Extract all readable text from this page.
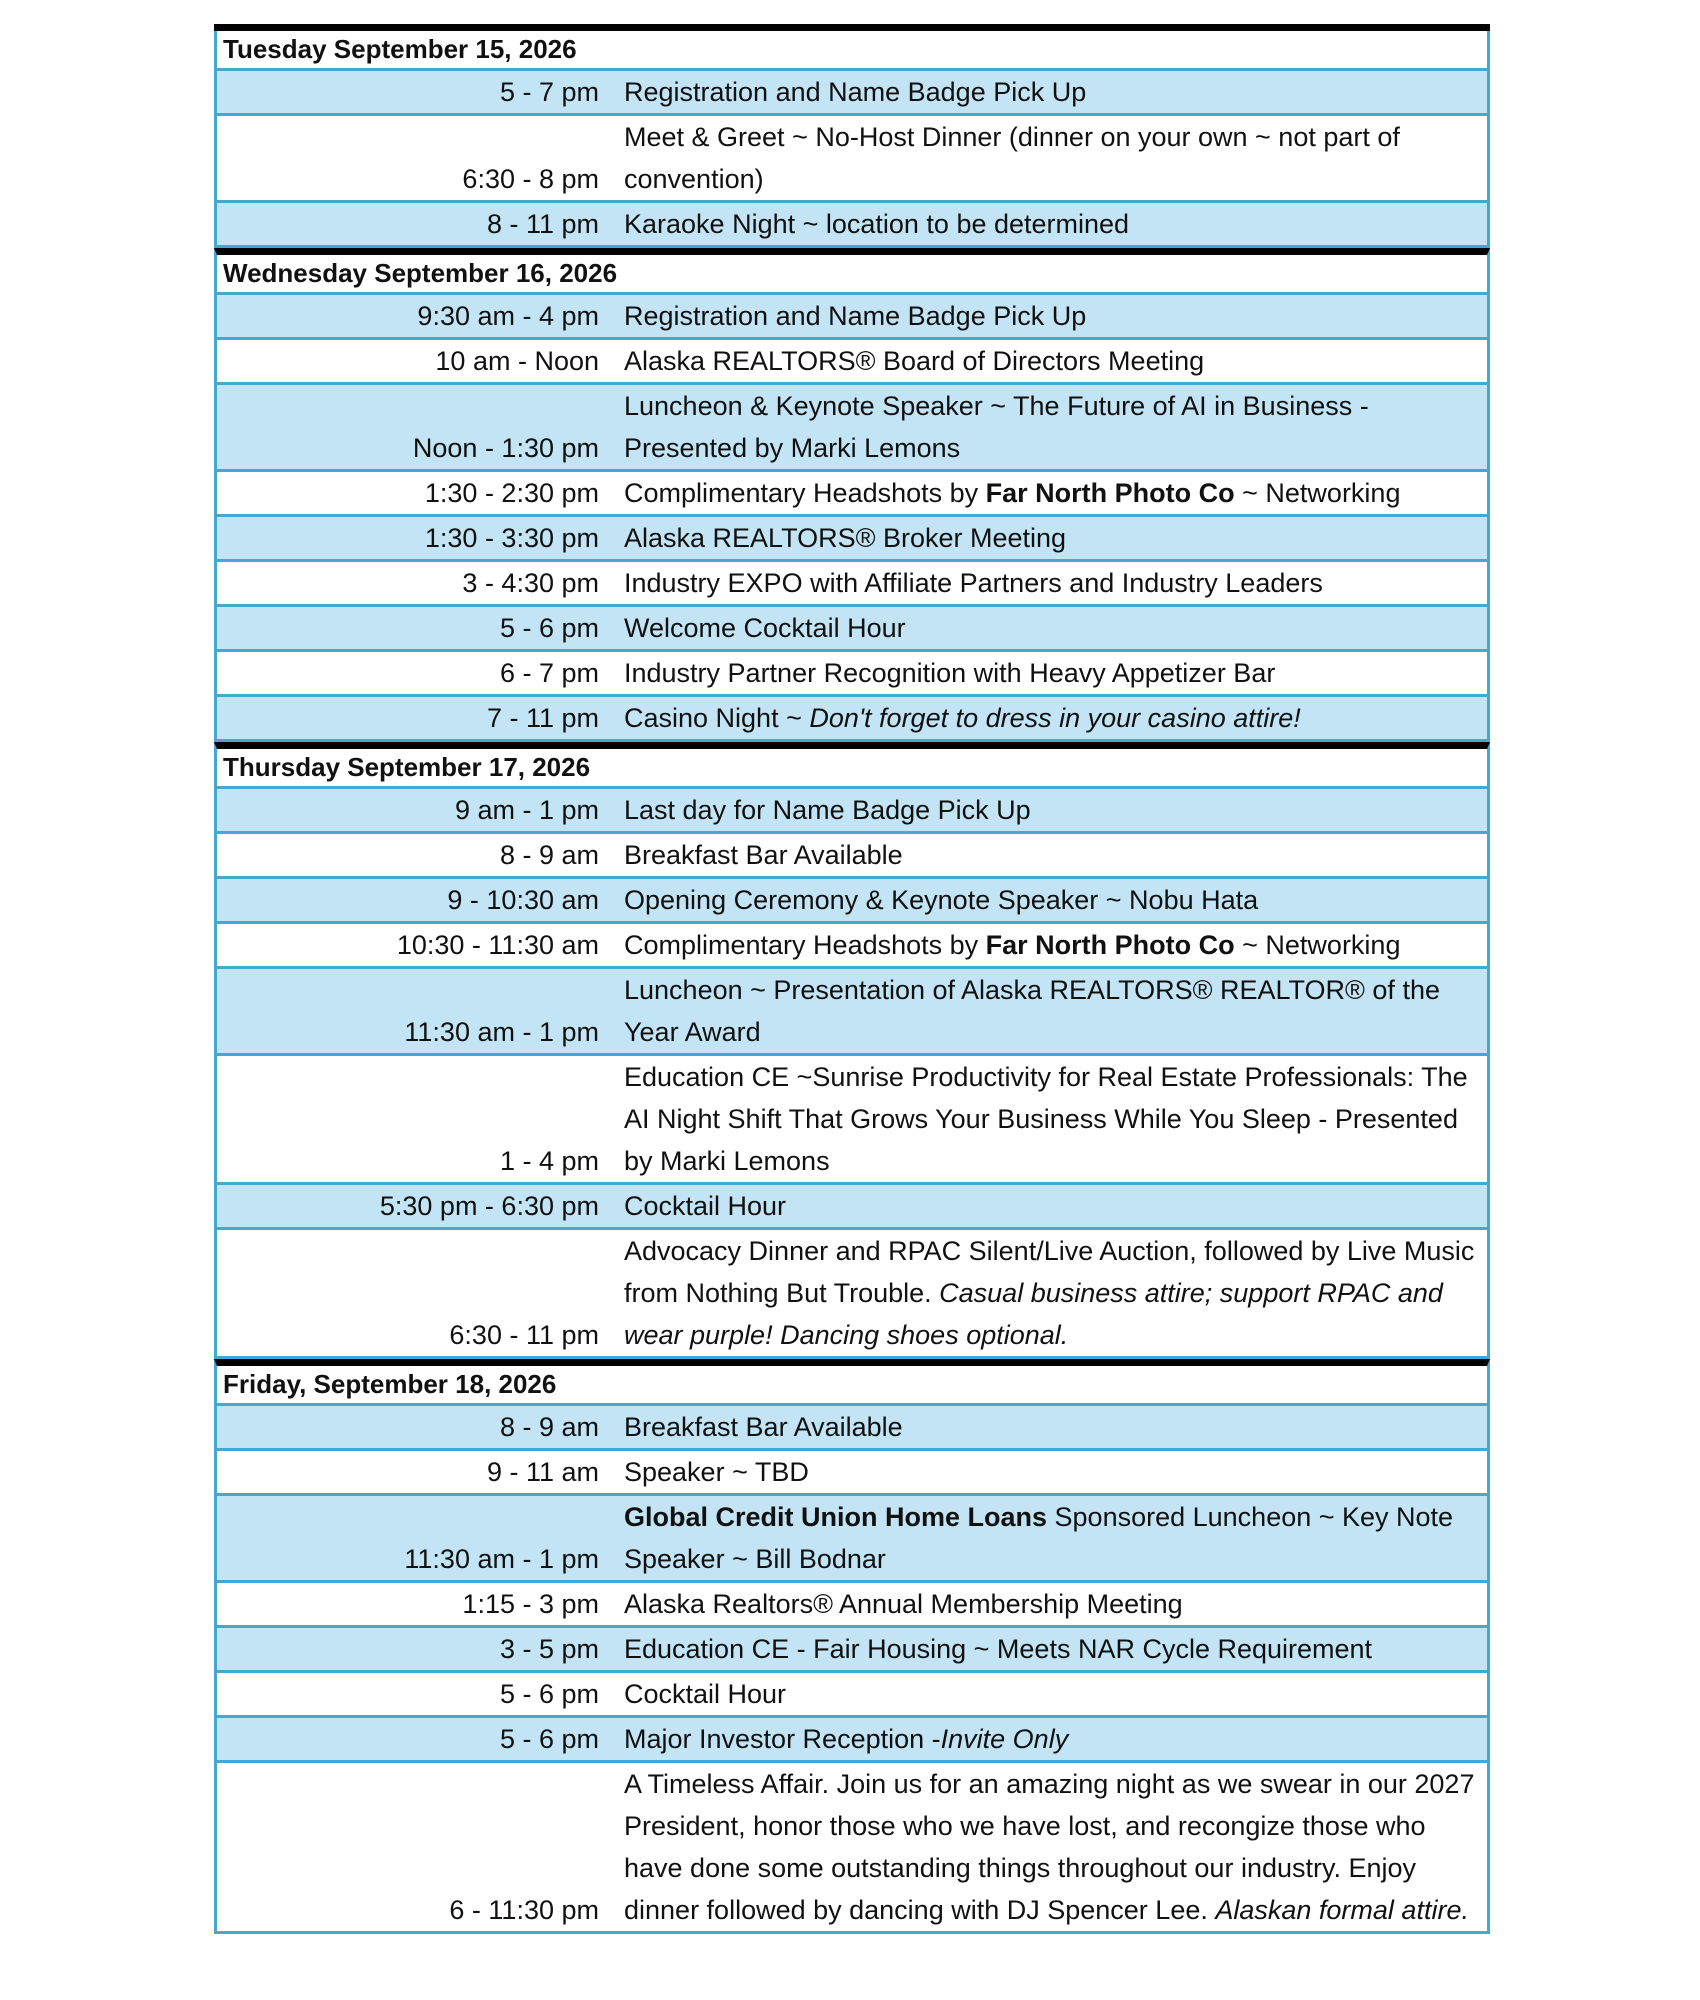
Tuesday September 15, 2026
5 - 7 pm Registration and Name Badge Pick Up
6:30 - 8 pm
Meet & Greet ~ No-Host Dinner (dinner on your own ~ not part of convention)
8 - 11 pm Karaoke Night ~ location to be determined
Wednesday September 16, 2026
9:30 am - 4 pm Registration and Name Badge Pick Up
10 am - Noon Alaska REALTORS® Board of Directors Meeting
Noon - 1:30 pm
Luncheon & Keynote Speaker ~ The Future of AI in Business - Presented by Marki Lemons
1:30 - 2:30 pm Complimentary Headshots by Far North Photo Co ~ Networking
1:30 - 3:30 pm Alaska REALTORS® Broker Meeting
3 - 4:30 pm Industry EXPO with Affiliate Partners and Industry Leaders
5 - 6 pm Welcome Cocktail Hour
6 - 7 pm Industry Partner Recognition with Heavy Appetizer Bar
7 - 11 pm Casino Night ~ Don't forget to dress in your casino attire!
Thursday September 17, 2026
9 am - 1 pm Last day for Name Badge Pick Up
8 - 9 am Breakfast Bar Available
9 - 10:30 am Opening Ceremony & Keynote Speaker ~ Nobu Hata
10:30 - 11:30 am Complimentary Headshots by Far North Photo Co ~ Networking
11:30 am - 1 pm
Luncheon ~ Presentation of Alaska REALTORS® REALTOR® of the Year Award
1 - 4 pm
Education CE ~Sunrise Productivity for Real Estate Professionals: The AI Night Shift That Grows Your Business While You Sleep - Presented by Marki Lemons
5:30 pm - 6:30 pm Cocktail Hour
6:30 - 11 pm
Advocacy Dinner and RPAC Silent/Live Auction, followed by Live Music from Nothing But Trouble. Casual business attire; support RPAC and wear purple! Dancing shoes optional.
Friday, September 18, 2026
8 - 9 am Breakfast Bar Available
9 - 11 am Speaker ~ TBD
11:30 am - 1 pm
Global Credit Union Home Loans Sponsored Luncheon ~ Key Note Speaker ~ Bill Bodnar
1:15 - 3 pm Alaska Realtors® Annual Membership Meeting
3 - 5 pm Education CE - Fair Housing ~ Meets NAR Cycle Requirement
5 - 6 pm Cocktail Hour
5 - 6 pm Major Investor Reception -Invite Only
6 - 11:30 pm
A Timeless Affair. Join us for an amazing night as we swear in our 2027 President, honor those who we have lost, and recongize those who have done some outstanding things throughout our industry. Enjoy dinner followed by dancing with DJ Spencer Lee. Alaskan formal attire.
